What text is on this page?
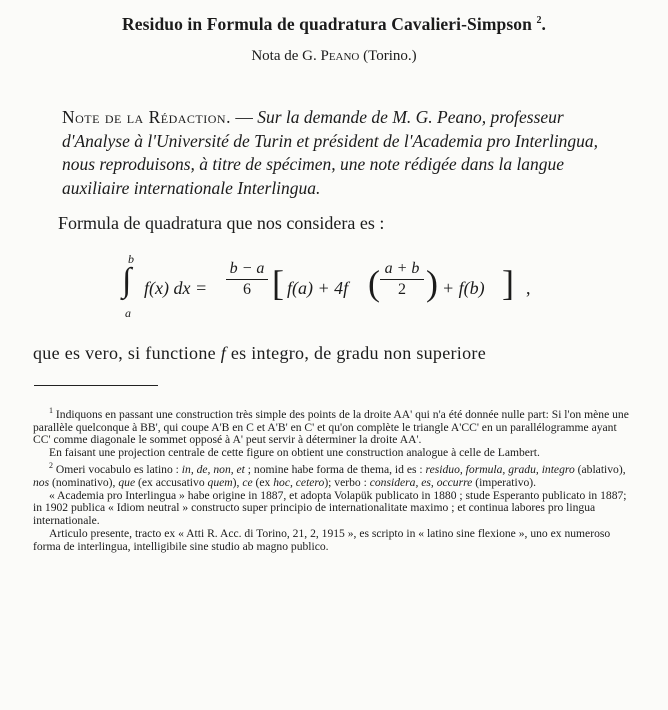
Residuo in Formula de quadratura Cavalieri-Simpson $^2$.
Nota de G. Peano (Torino.)
Note de la Rédaction. — Sur la demande de M. G. Peano, professeur d'Analyse à l'Université de Turin et président de l'Academia pro Interlingua, nous reproduisons, à titre de spécimen, une note rédigée dans la langue auxiliaire internationale Interlingua.
Formula de quadratura que nos considera es :
b
∫
a
f(x) dx =
b − a
6 [ f(a) + 4f ( a + b
2 ) + f(b) ] ,
que es vero, si functione f es integro, de gradu non superiore

$^1$ Indiquons en passant une construction très simple des points de la droite AA' qui n'a été donnée nulle part: Si l'on mène une parallèle quelconque à BB', qui coupe A'B en C et A'B' en C' et qu'on complète le triangle A'CC' en un parallélogramme ayant CC' comme diagonale le sommet opposé à A' peut servir à déterminer la droite AA'.

En faisant une projection centrale de cette figure on obtient une construction analogue à celle de Lambert.

$^2$ Omeri vocabulo es latino : in, de, non, et ; nomine habe forma de thema, id es : residuo, formula, gradu, integro (ablativo), nos (nominativo), que (ex accusativo quem), ce (ex hoc, cetero); verbo : considera, es, occurre (imperativo).

« Academia pro Interlingua » habe origine in 1887, et adopta Volapük publicato in 1880 ; stude Esperanto publicato in 1887; in 1902 publica « Idiom neutral » constructo super principio de internationalitate maximo ; et continua labores pro lingua internationale.

Articulo presente, tracto ex « Atti R. Acc. di Torino, 21, 2, 1915 », es scripto in « latino sine flexione », uno ex numeroso forma de interlingua, intelligibile sine studio ab magno publico.
